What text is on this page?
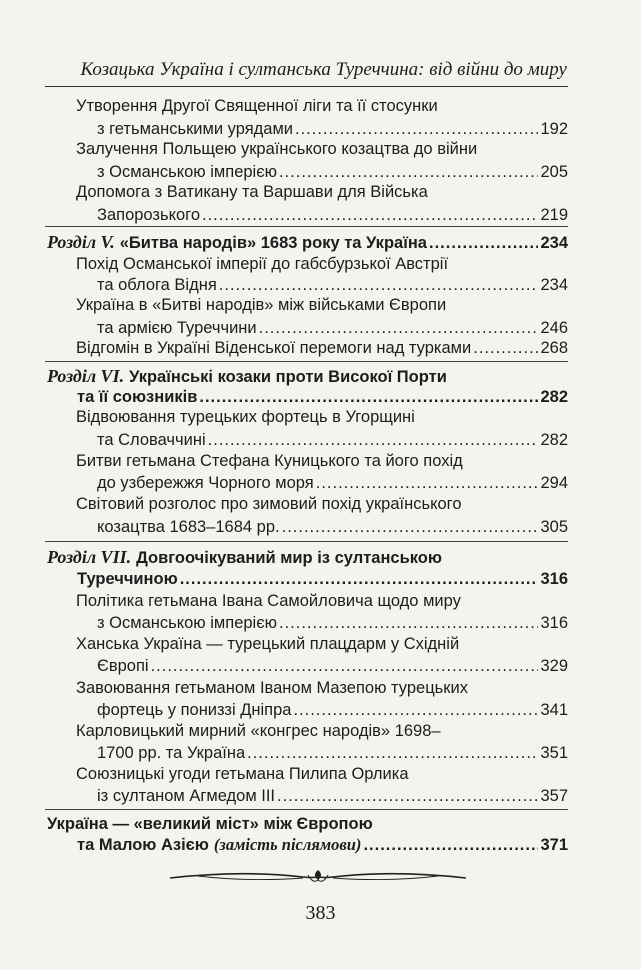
Козацька Україна і султанська Туреччина: від війни до миру
Утворення Другої Священної ліги та її стосунки
з гетьманськими урядами .....	192
Залучення Польщею українського козацтва до війни
з Османською імперією .....	205
Допомога з Ватикану та Варшави для Війська
Запорозького .....	219
Розділ V. «Битва народів» 1683 року та Україна .....	234
Похід Османської імперії до габсбурзької Австрії
та облога Відня .....	234
Україна в «Битві народів» між військами Європи
та армією Туреччини .....	246
Відгомін в Україні Віденської перемоги над турками .....	268
Розділ VI. Українські козаки проти Високої Порти
та її союзників .....	282
Відвоювання турецьких фортець в Угорщині
та Словаччині .....	282
Битви гетьмана Стефана Куницького та його похід
до узбережжя Чорного моря .....	294
Світовий розголос про зимовий похід українського
козацтва 1683–1684 рр. .....	305
Розділ VII. Довгоочікуваний мир із султанською
Туреччиною .....	316
Політика гетьмана Івана Самойловича щодо миру
з Османською імперією .....	316
Ханська Україна — турецький плацдарм у Східній
Європі .....	329
Завоювання гетьманом Іваном Мазепою турецьких
фортець у пониззі Дніпра .....	341
Карловицький мирний «конгрес народів» 1698–
1700 рр. та Україна .....	351
Союзницькі угоди гетьмана Пилипа Орлика
із султаном Агмедом III .....	357
Україна — «великий міст» між Європою
та Малою Азією (замість післямови) .....	371
383
